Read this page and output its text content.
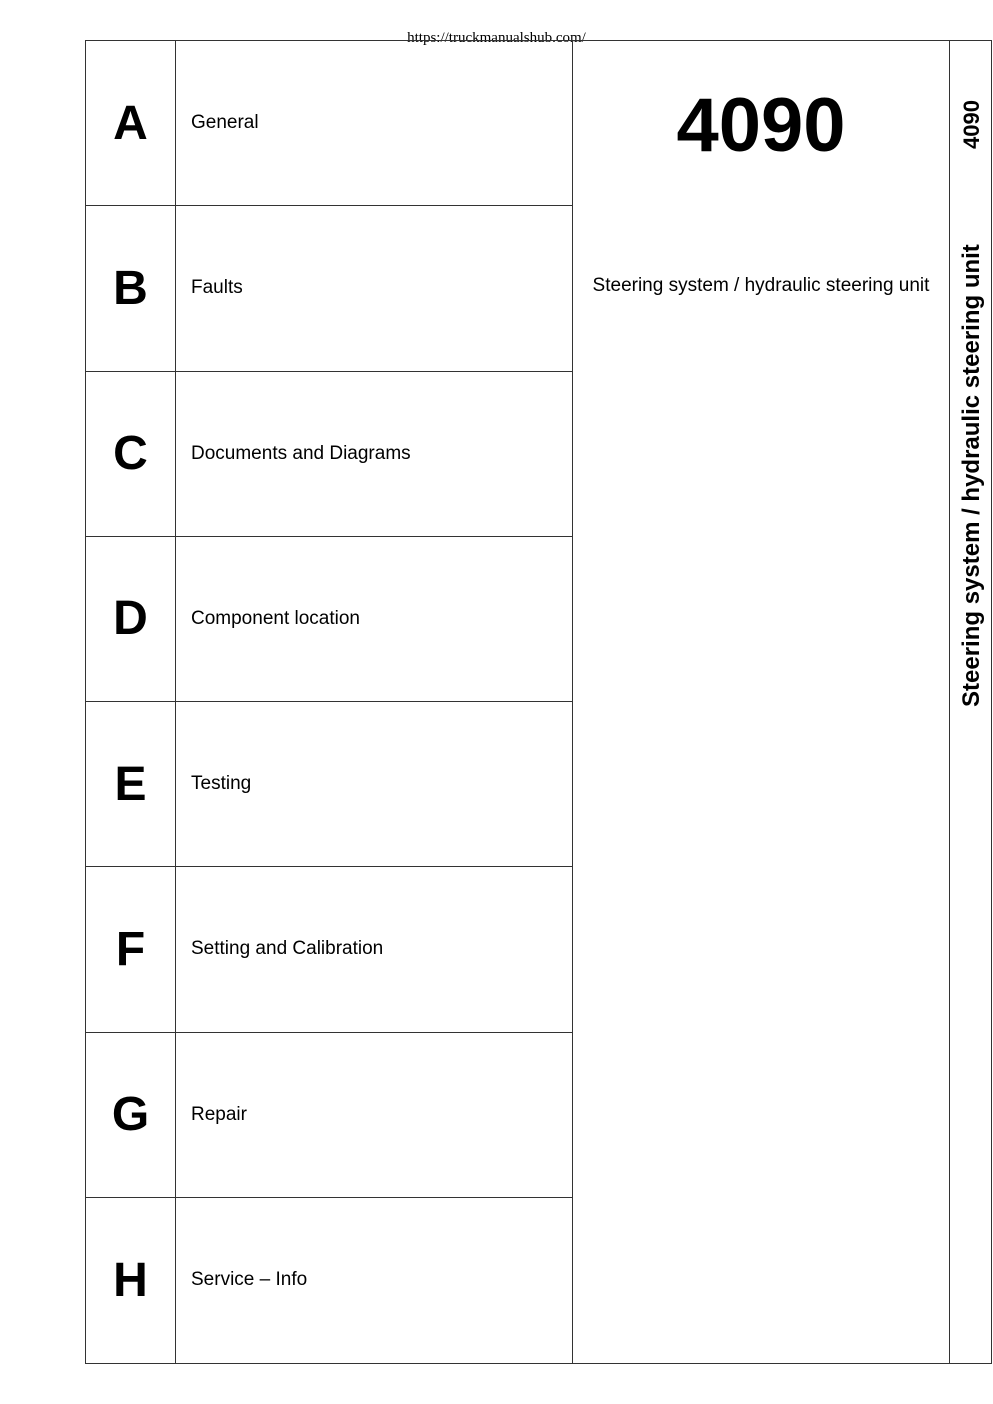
https://truckmanualshub.com/
A
B
C
D
E
F
G
H
General
Faults
Documents and Diagrams
Component location
Testing
Setting and Calibration
Repair
Service – Info
4090
Steering system / hydraulic steering unit
4090
Steering system / hydraulic steering unit
